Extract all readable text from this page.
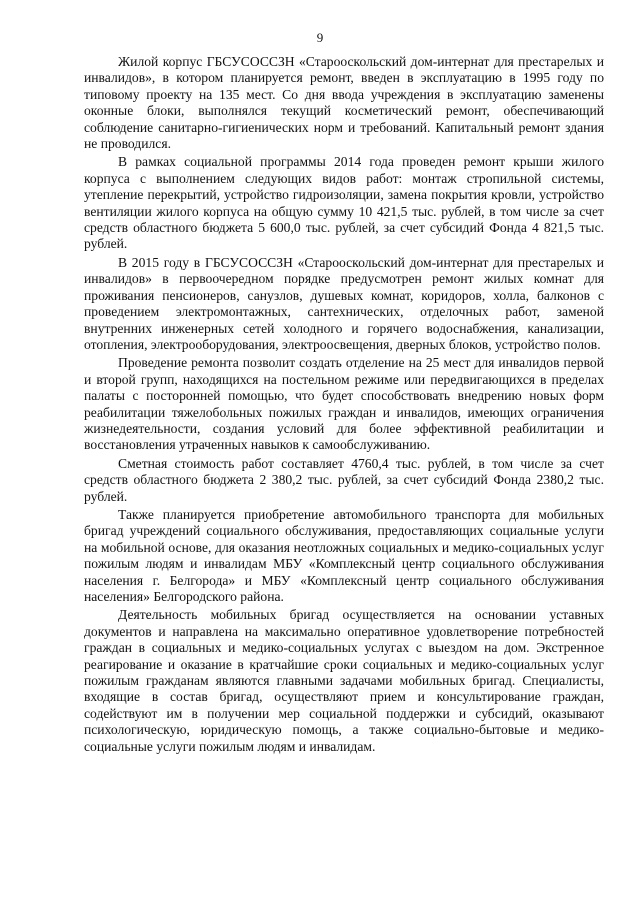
9

Жилой корпус ГБСУСОССЗН «Старооскольский дом-интернат для престарелых и инвалидов», в котором планируется ремонт, введен в эксплуатацию в 1995 году по типовому проекту на 135 мест. Со дня ввода учреждения в эксплуатацию заменены оконные блоки, выполнялся текущий косметический ремонт, обеспечивающий соблюдение санитарно-гигиенических норм и требований. Капитальный ремонт здания не проводился.

В рамках социальной программы 2014 года проведен ремонт крыши жилого корпуса с выполнением следующих видов работ: монтаж стропильной системы, утепление перекрытий, устройство гидроизоляции, замена покрытия кровли, устройство вентиляции жилого корпуса на общую сумму 10 421,5 тыс. рублей, в том числе за счет средств областного бюджета 5 600,0 тыс. рублей, за счет субсидий Фонда 4 821,5 тыс. рублей.

В 2015 году в ГБСУСОССЗН «Старооскольский дом-интернат для престарелых и инвалидов» в первоочередном порядке предусмотрен ремонт жилых комнат для проживания пенсионеров, санузлов, душевых комнат, коридоров, холла, балконов с проведением электромонтажных, сантехнических, отделочных работ, заменой внутренних инженерных сетей холодного и горячего водоснабжения, канализации, отопления, электрооборудования, электроосвещения, дверных блоков, устройство полов.

Проведение ремонта позволит создать отделение на 25 мест для инвалидов первой и второй групп, находящихся на постельном режиме или передвигающихся в пределах палаты с посторонней помощью, что будет способствовать внедрению новых форм реабилитации тяжелобольных пожилых граждан и инвалидов, имеющих ограничения жизнедеятельности, создания условий для более эффективной реабилитации и восстановления утраченных навыков к самообслуживанию.

Сметная стоимость работ составляет 4760,4 тыс. рублей, в том числе за счет средств областного бюджета 2 380,2 тыс. рублей, за счет субсидий Фонда 2380,2 тыс. рублей.

Также планируется приобретение автомобильного транспорта для мобильных бригад учреждений социального обслуживания, предоставляющих социальные услуги на мобильной основе, для оказания неотложных социальных и медико-социальных услуг пожилым людям и инвалидам МБУ «Комплексный центр социального обслуживания населения г. Белгорода» и МБУ «Комплексный центр социального обслуживания населения» Белгородского района.

Деятельность мобильных бригад осуществляется на основании уставных документов и направлена на максимально оперативное удовлетворение потребностей граждан в социальных и медико-социальных услугах с выездом на дом. Экстренное реагирование и оказание в кратчайшие сроки социальных и медико-социальных услуг пожилым гражданам являются главными задачами мобильных бригад. Специалисты, входящие в состав бригад, осуществляют прием и консультирование граждан, содействуют им в получении мер социальной поддержки и субсидий, оказывают психологическую, юридическую помощь, а также социально-бытовые и медико-социальные услуги пожилым людям и инвалидам.
